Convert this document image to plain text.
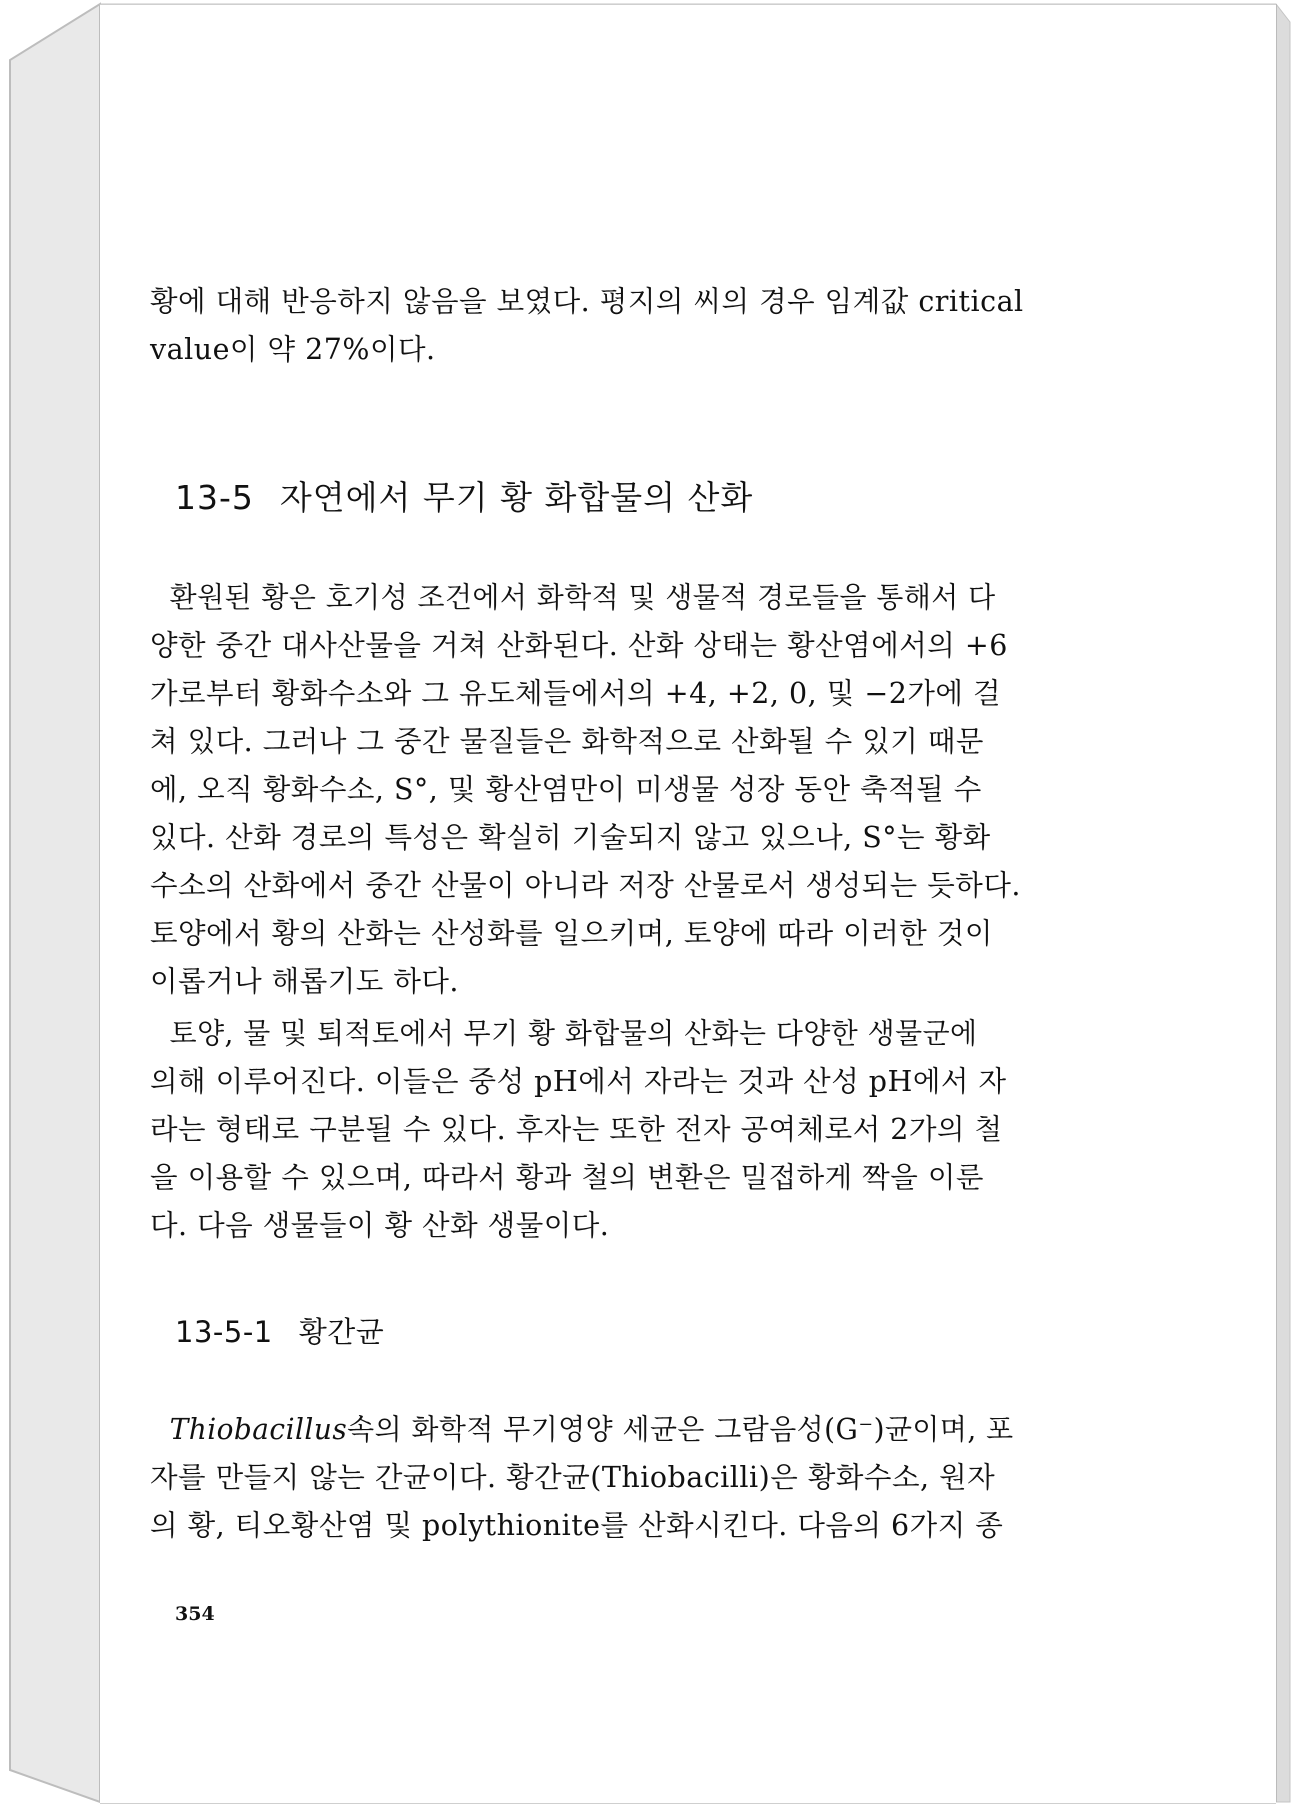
황에 대해 반응하지 않음을 보였다. 평지의 씨의 경우 임계값 critical
value이 약 27%이다.

13-5 자연에서 무기 황 화합물의 산화

환원된 황은 호기성 조건에서 화학적 및 생물적 경로들을 통해서 다
양한 중간 대사산물을 거쳐 산화된다. 산화 상태는 황산염에서의 +6
가로부터 황화수소와 그 유도체들에서의 +4, +2, 0, 및 −2가에 걸
쳐 있다. 그러나 그 중간 물질들은 화학적으로 산화될 수 있기 때문
에, 오직 황화수소, S°, 및 황산염만이 미생물 성장 동안 축적될 수
있다. 산화 경로의 특성은 확실히 기술되지 않고 있으나, S°는 황화
수소의 산화에서 중간 산물이 아니라 저장 산물로서 생성되는 듯하다.
토양에서 황의 산화는 산성화를 일으키며, 토양에 따라 이러한 것이
이롭거나 해롭기도 하다.

토양, 물 및 퇴적토에서 무기 황 화합물의 산화는 다양한 생물군에
의해 이루어진다. 이들은 중성 pH에서 자라는 것과 산성 pH에서 자
라는 형태로 구분될 수 있다. 후자는 또한 전자 공여체로서 2가의 철
을 이용할 수 있으며, 따라서 황과 철의 변환은 밀접하게 짝을 이룬
다. 다음 생물들이 황 산화 생물이다.

13-5-1 황간균

Thiobacillus속의 화학적 무기영양 세균은 그람음성(G⁻)균이며, 포
자를 만들지 않는 간균이다. 황간균(Thiobacilli)은 황화수소, 원자
의 황, 티오황산염 및 polythionite를 산화시킨다. 다음의 6가지 종

354
